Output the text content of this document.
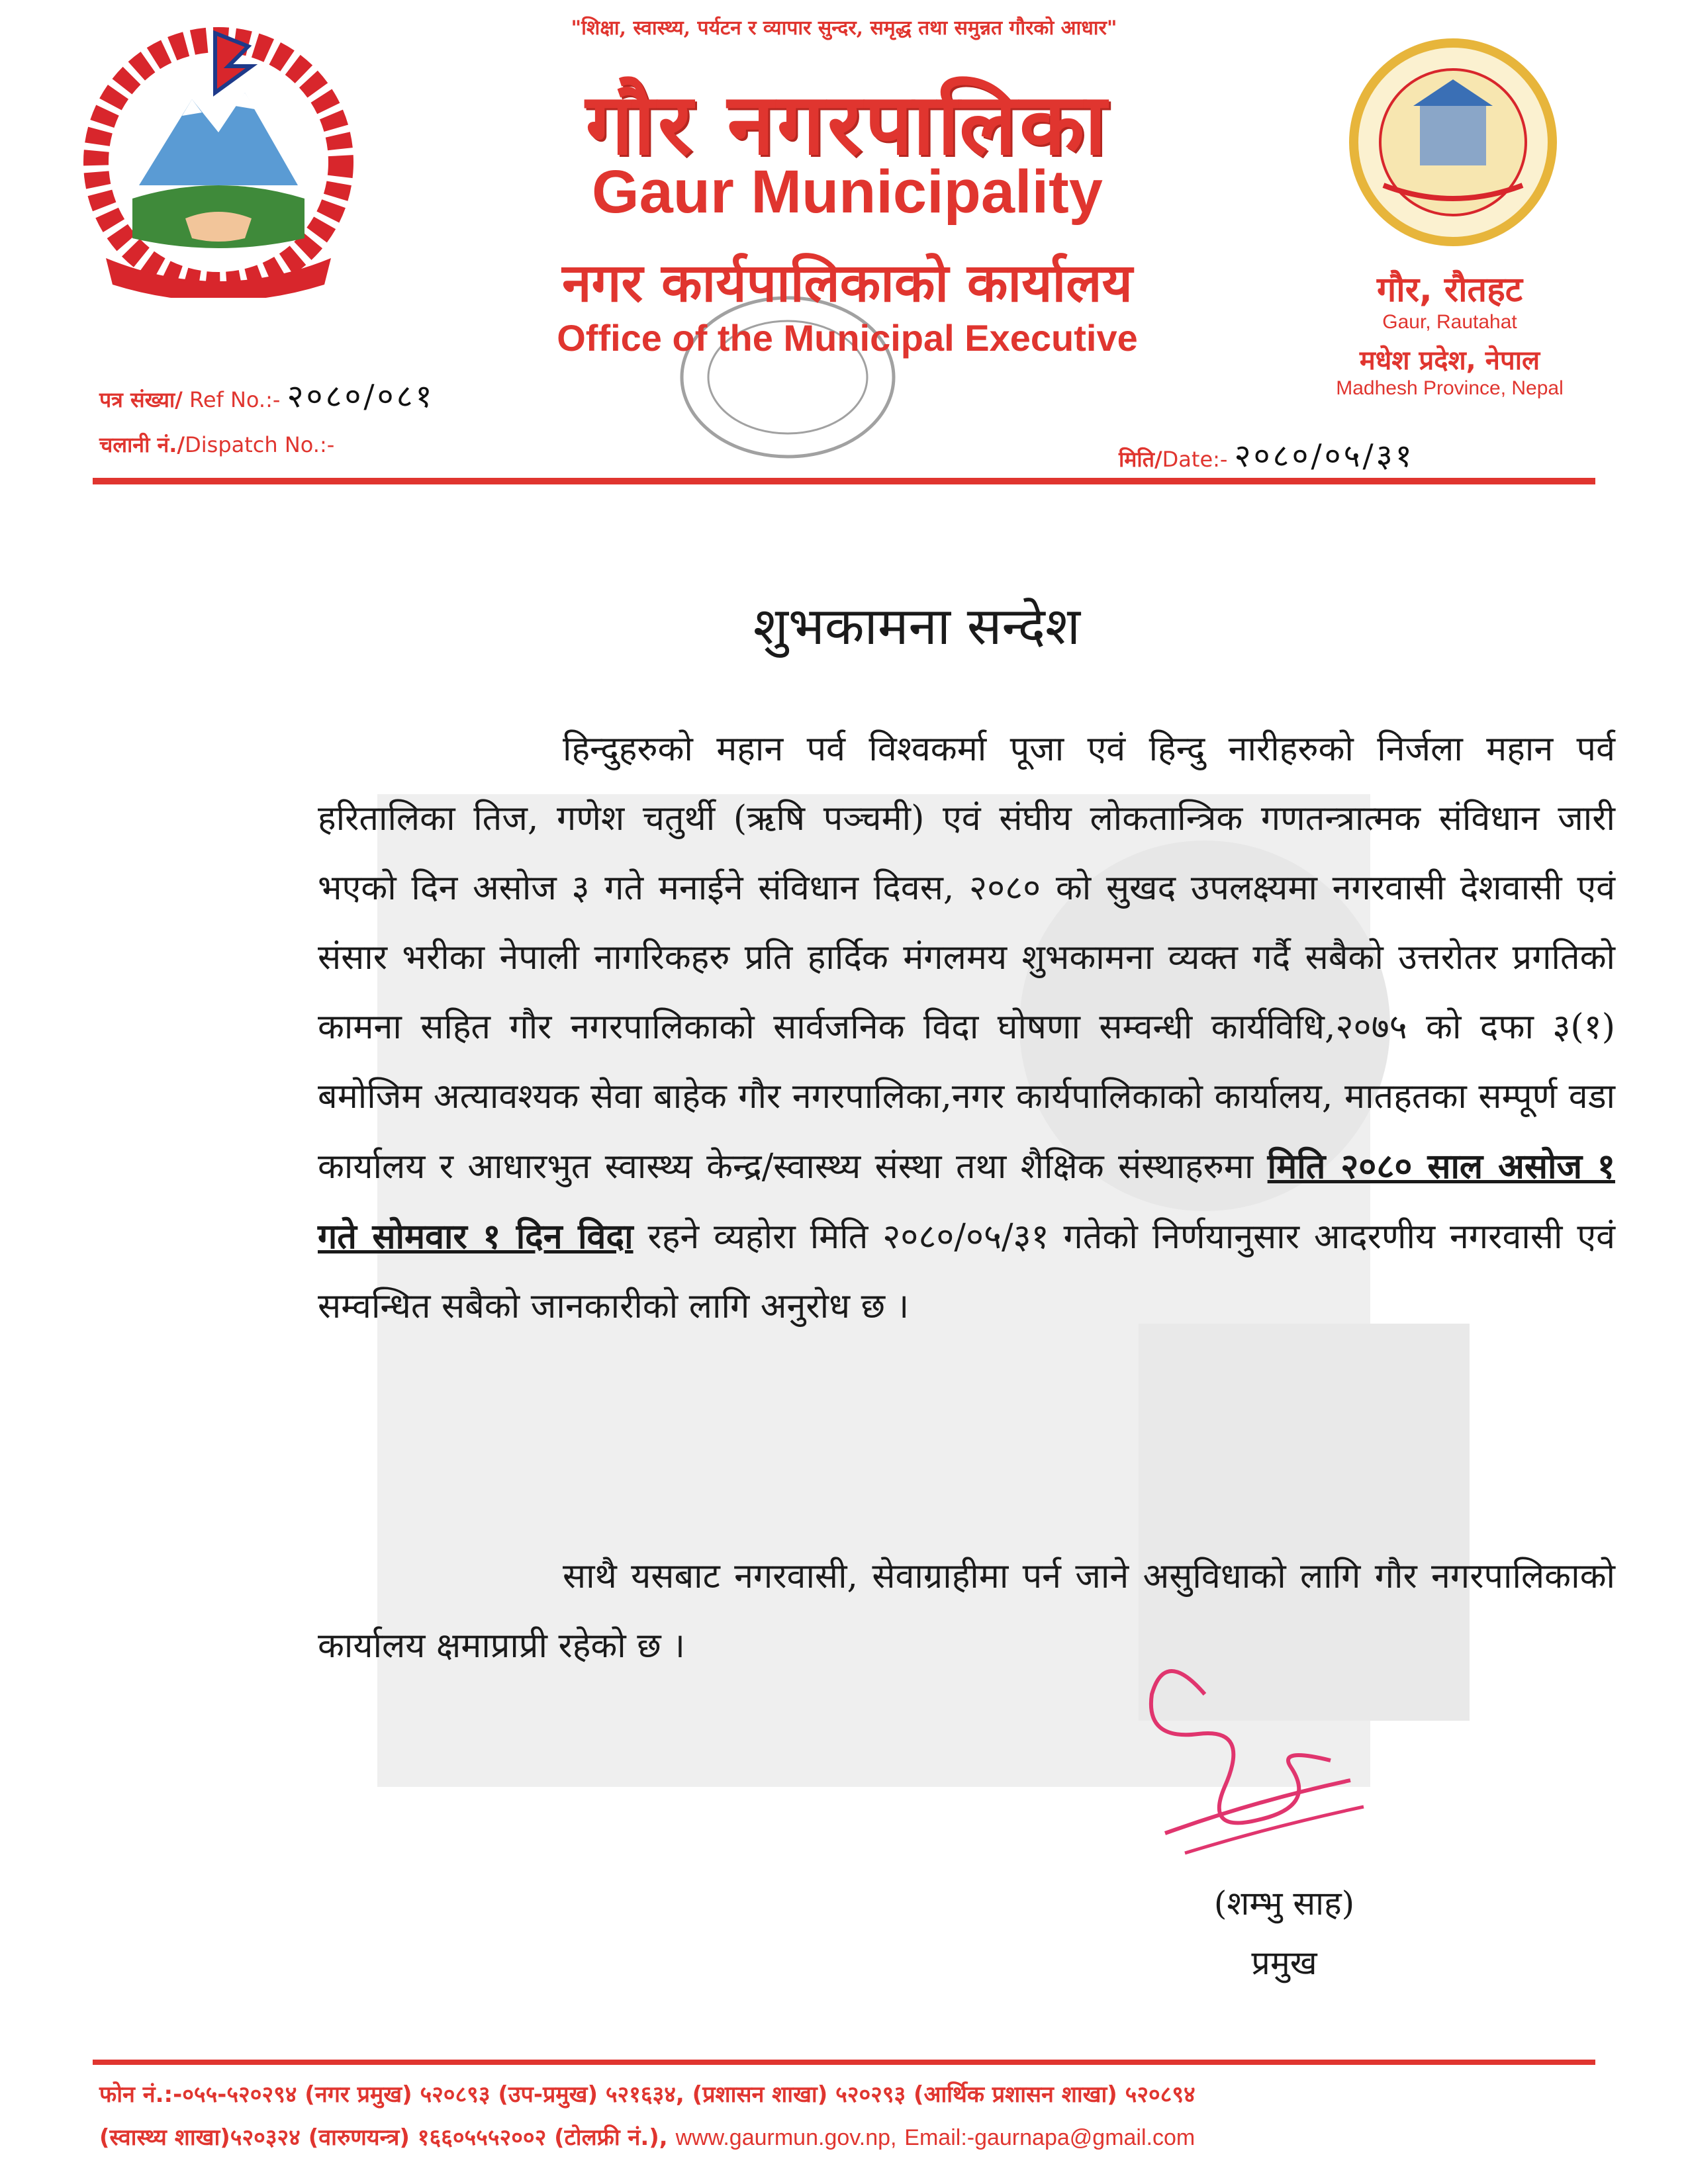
"शिक्षा, स्वास्थ्य, पर्यटन र व्यापार सुन्दर, समृद्ध तथा समुन्नत गौरको आधार"
गौर नगरपालिका
Gaur Municipality
नगर कार्यपालिकाको कार्यालय
Office of the Municipal Executive
गौर, रौतहट
Gaur, Rautahat
मधेश प्रदेश, नेपाल
Madhesh Province, Nepal
पत्र संख्या/ Ref No.:- २०८०/०८१
चलानी नं./Dispatch No.:-
मिति/Date:- २०८०/०५/३१
शुभकामना सन्देश
हिन्दुहरुको महान पर्व विश्वकर्मा पूजा एवं हिन्दु नारीहरुको निर्जला महान पर्व हरितालिका तिज, गणेश चतुर्थी (ऋषि पञ्चमी) एवं संघीय लोकतान्त्रिक गणतन्त्रात्मक संविधान जारी भएको दिन असोज ३ गते मनाईने संविधान दिवस, २०८० को सुखद उपलक्ष्यमा नगरवासी देशवासी एवं संसार भरीका नेपाली नागरिकहरु प्रति हार्दिक मंगलमय शुभकामना व्यक्त गर्दै सबैको उत्तरोतर प्रगतिको कामना सहित गौर नगरपालिकाको सार्वजनिक विदा घोषणा सम्वन्धी कार्यविधि,२०७५ को दफा ३(१) बमोजिम अत्यावश्यक सेवा बाहेक गौर नगरपालिका,नगर कार्यपालिकाको कार्यालय, मातहतका सम्पूर्ण वडा कार्यालय र आधारभुत स्वास्थ्य केन्द्र/स्वास्थ्य संस्था तथा शैक्षिक संस्थाहरुमा मिति २०८० साल असोज १ गते सोमवार १ दिन विदा रहने व्यहोरा मिति २०८०/०५/३१ गतेको निर्णयानुसार आदरणीय नगरवासी एवं सम्वन्धित सबैको जानकारीको लागि अनुरोध छ ।
साथै यसबाट नगरवासी, सेवाग्राहीमा पर्न जाने असुविधाको लागि गौर नगरपालिकाको कार्यालय क्षमाप्राप्री रहेको छ ।
(शम्भु साह)
प्रमुख
फोन नं.:-०५५-५२०२९४ (नगर प्रमुख) ५२०८९३ (उप-प्रमुख) ५२१६३४, (प्रशासन शाखा) ५२०२९३ (आर्थिक प्रशासन शाखा) ५२०८९४
(स्वास्थ्य शाखा)५२०३२४ (वारुणयन्त्र) १६६०५५५२००२ (टोलफ्री नं.), www.gaurmun.gov.np, Email:-gaurnapa@gmail.com
